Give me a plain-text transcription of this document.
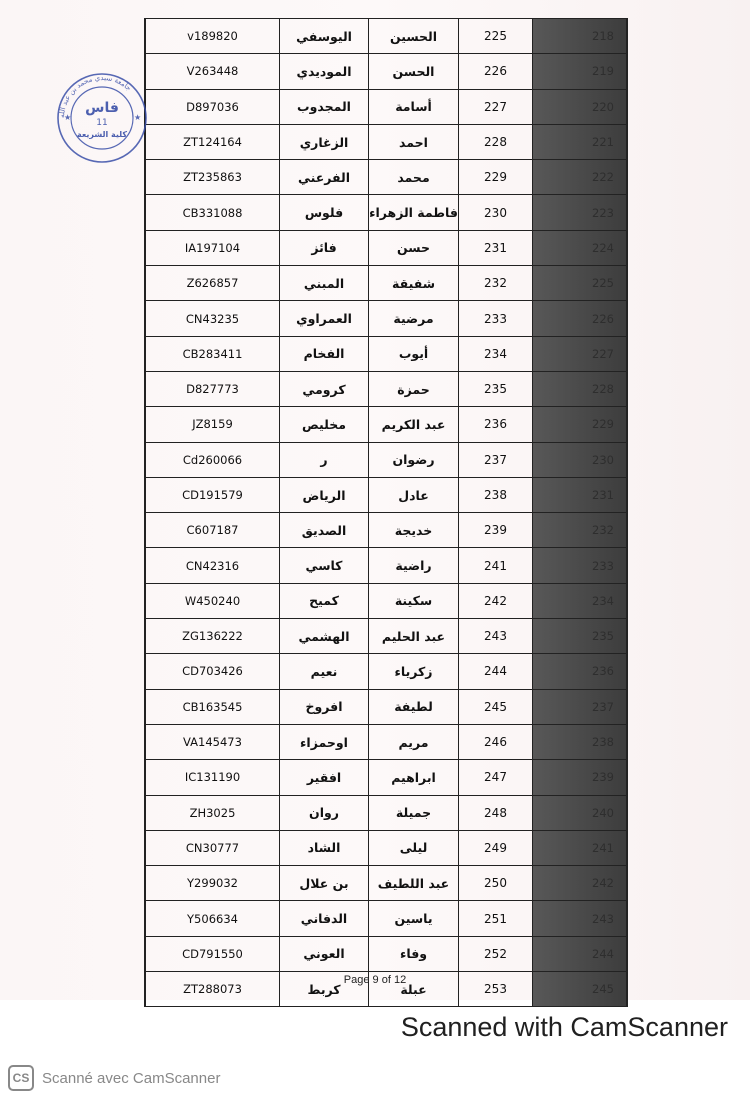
v189820	اليوسفي	الحسين	225	218
V263448	الموديدي	الحسن	226	219
D897036	المجدوب	أسامة	227	220
ZT124164	الزغاري	احمد	228	221
ZT235863	الفرعني	محمد	229	222
CB331088	فلوس	فاطمة الزهراء	230	223
IA197104	فائز	حسن	231	224
Z626857	المبني	شفيقة	232	225
CN43235	العمراوي	مرضية	233	226
CB283411	الفخام	أيوب	234	227
D827773	كرومي	حمزة	235	228
JZ8159	مخليص	عبد الكريم	236	229
Cd260066	ر	رضوان	237	230
CD191579	الرياض	عادل	238	231
C607187	الصديق	خديجة	239	232
CN42316	كاسي	راضية	241	233
W450240	كميح	سكينة	242	234
ZG136222	الهشمي	عبد الحليم	243	235
CD703426	نعيم	زكرياء	244	236
CB163545	افروخ	لطيفة	245	237
VA145473	اوحمزاء	مريم	246	238
IC131190	افقير	ابراهيم	247	239
ZH3025	روان	جميلة	248	240
CN30777	الشاد	ليلى	249	241
Y299032	بن علال	عبد اللطيف	250	242
Y506634	الدفاني	ياسين	251	243
CD791550	العوني	وفاء	252	244
ZT288073	كربط	عبلة	253	245
جامعة سيدي محمد بن عبد الله
فاس
11
كلية الشريعة
★	★
Page 9 of 12
Scanned with CamScanner
CS Scanné avec CamScanner
